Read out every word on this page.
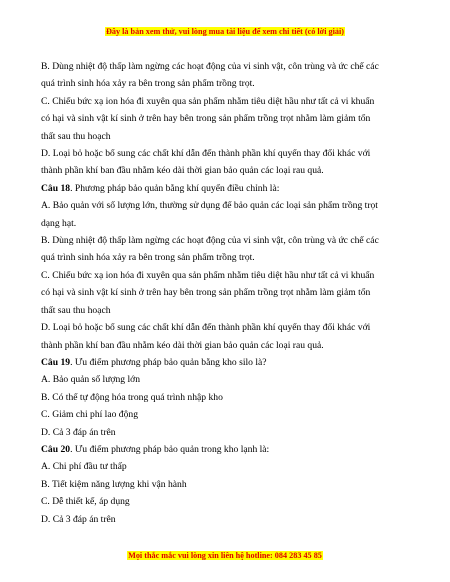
Đây là bản xem thử, vui lòng mua tài liệu để xem chi tiết (có lời giải)

B. Dùng nhiệt độ thấp làm ngừng các hoạt động của vi sinh vật, côn trùng và ức chế các

quá trình sinh hóa xảy ra bên trong sản phẩm trồng trọt.

C. Chiếu bức xạ ion hóa đi xuyên qua sản phẩm nhằm tiêu diệt hầu như tất cả vi khuẩn

có hại và sinh vật kí sinh ở trên hay bên trong sản phẩm trồng trọt nhằm làm giảm tổn

thất sau thu hoạch

D. Loại bỏ hoặc bổ sung các chất khí dẫn đến thành phần khí quyển thay đổi khác với

thành phần khí ban đầu nhằm kéo dài thời gian bảo quản các loại rau quả.

Câu 18. Phương pháp bảo quản bằng khí quyển điều chỉnh là:

A. Bảo quản với số lượng lớn, thường sử dụng để bảo quản các loại sản phẩm trồng trọt

dạng hạt.

B. Dùng nhiệt độ thấp làm ngừng các hoạt động của vi sinh vật, côn trùng và ức chế các

quá trình sinh hóa xảy ra bên trong sản phẩm trồng trọt.

C. Chiếu bức xạ ion hóa đi xuyên qua sản phẩm nhằm tiêu diệt hầu như tất cả vi khuẩn

có hại và sinh vật kí sinh ở trên hay bên trong sản phẩm trồng trọt nhằm làm giảm tổn

thất sau thu hoạch

D. Loại bỏ hoặc bổ sung các chất khí dẫn đến thành phần khí quyển thay đổi khác với

thành phần khí ban đầu nhằm kéo dài thời gian bảo quản các loại rau quả.

Câu 19. Ưu điểm phương pháp bảo quản bằng kho silo là?

A. Bảo quản số lượng lớn

B. Có thể tự động hóa trong quá trình nhập kho

C. Giảm chi phí lao động

D. Cả 3 đáp án trên

Câu 20. Ưu điểm phương pháp bảo quản trong kho lạnh là:

A. Chi phí đầu tư thấp

B. Tiết kiệm năng lượng khi vận hành

C. Dễ thiết kế, áp dụng

D. Cả 3 đáp án trên

Mọi thắc mắc vui lòng xin liên hệ hotline: 084 283 45 85
